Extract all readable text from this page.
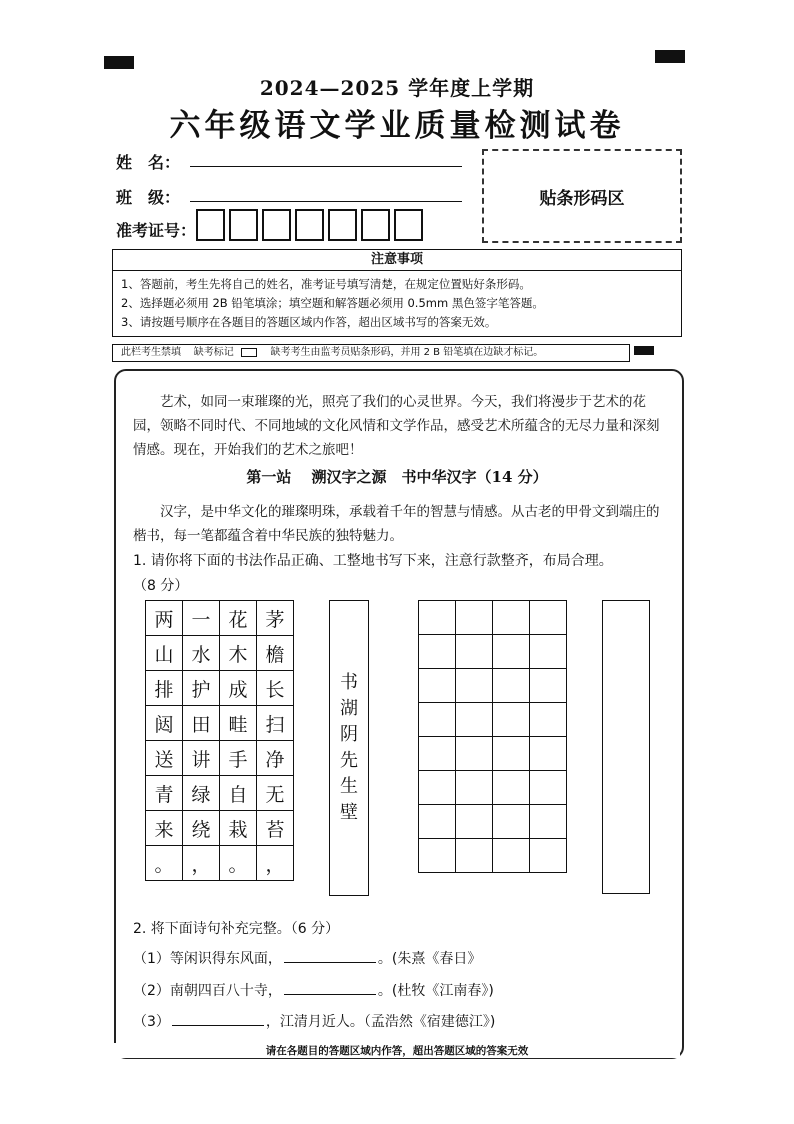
2024—2025 学年度上学期
六年级语文学业质量检测试卷
姓　名：
班　级：
准考证号：
贴条形码区
注意事项
1、答题前，考生先将自己的姓名，准考证号填写清楚，在规定位置贴好条形码。
2、选择题必须用 2B 铅笔填涂；填空题和解答题必须用 0.5mm 黑色签字笔答题。
3、请按题号顺序在各题目的答题区域内作答，超出区域书写的答案无效。
此栏考生禁填 缺考标记	缺考考生由监考员贴条形码，并用 2 B 铅笔填在边缺才标记。
艺术，如同一束璀璨的光，照亮了我们的心灵世界。今天，我们将漫步于艺术的花园，领略不同时代、不同地域的文化风情和文学作品，感受艺术所蕴含的无尽力量和深刻情感。现在，开始我们的艺术之旅吧！
第一站　 溯汉字之源　书中华汉字（14 分）
汉字，是中华文化的璀璨明珠，承载着千年的智慧与情感。从古老的甲骨文到端庄的楷书，每一笔都蕴含着中华民族的独特魅力。
1. 请你将下面的书法作品正确、工整地书写下来，注意行款整齐，布局合理。
（8 分）
两	一	花	茅
山	水	木	檐
排	护	成	长
闼	田	畦	扫
送	讲	手	净
青	绿	自	无
来	绕	栽	苔
。	，	。	，
书
湖
阴
先
生
壁

2. 将下面诗句补充完整。（6 分）
（1）等闲识得东风面，	。(朱熹《春日》
（2）南朝四百八十寺，	。(杜牧《江南春》)
（3）	，江清月近人。（孟浩然《宿建德江》)
请在各题目的答题区域内作答，超出答题区域的答案无效
